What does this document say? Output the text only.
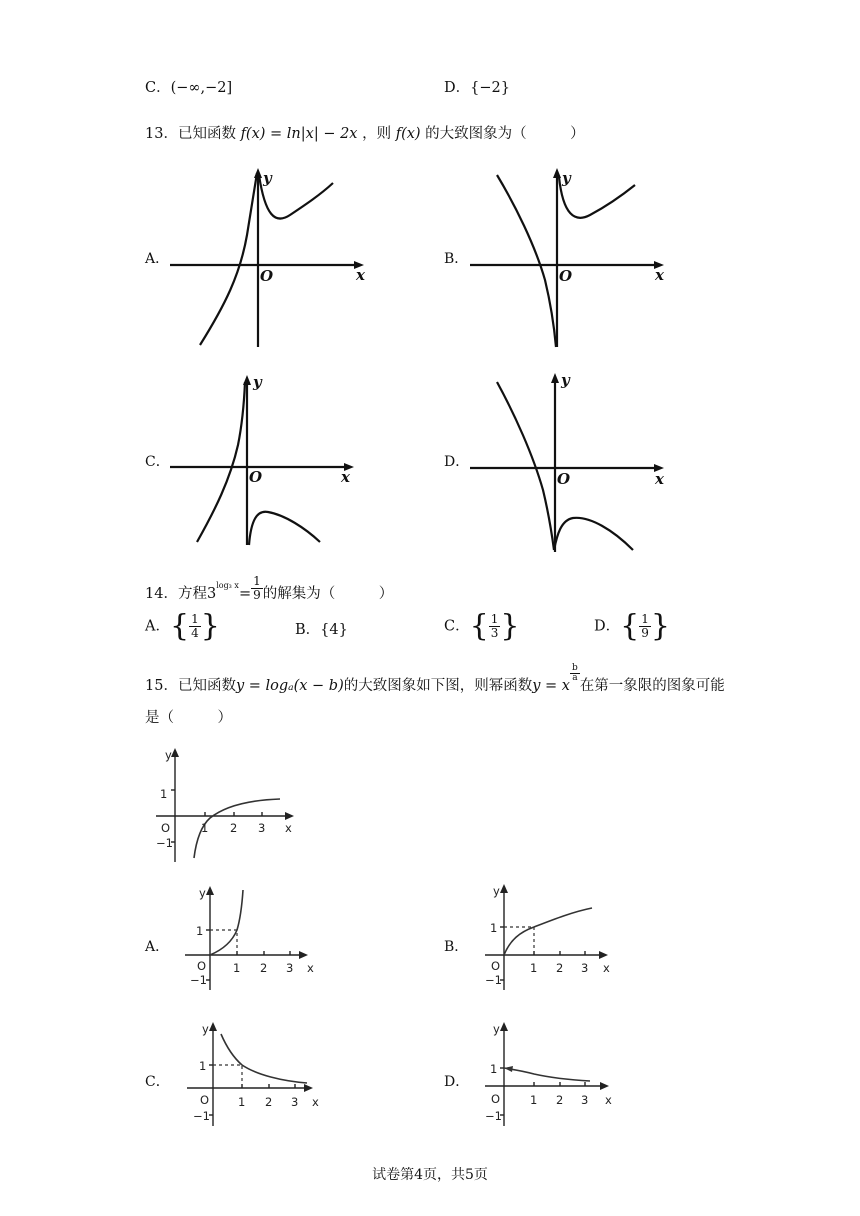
C．(−∞,−2]	D．{−2}
13．已知函数 f(x) = ln|x| − 2x ，则 f(x) 的大致图象为（　　　）
A．	B．
C．	D．
y
x
O
y
x
O
y
x
O
y
x
O
14．方程$3^{log_3 x}= \frac{1}{9}$ 的解集为（　　　）
A．{ $\frac{1}{4}$ }	B．{4}	C．{ $\frac{1}{3}$ }	D．{ $\frac{1}{9}$ }
15．已知函数y = logₐ(x − b)的大致图象如下图，则幂函数y = x
$\frac{b}{a}$
在第一象限的图象可能
是（　　　）
y
1
−1
O	1 2 3 x
A．	B．
C．	D．
y
1
−1
O 1 2 3 x
y
1
−1
O	1 2 3 x
y
1
−1
O	1 2 3 x
y
1
−1
O	1 2 3 x
试卷第4页，共5页
